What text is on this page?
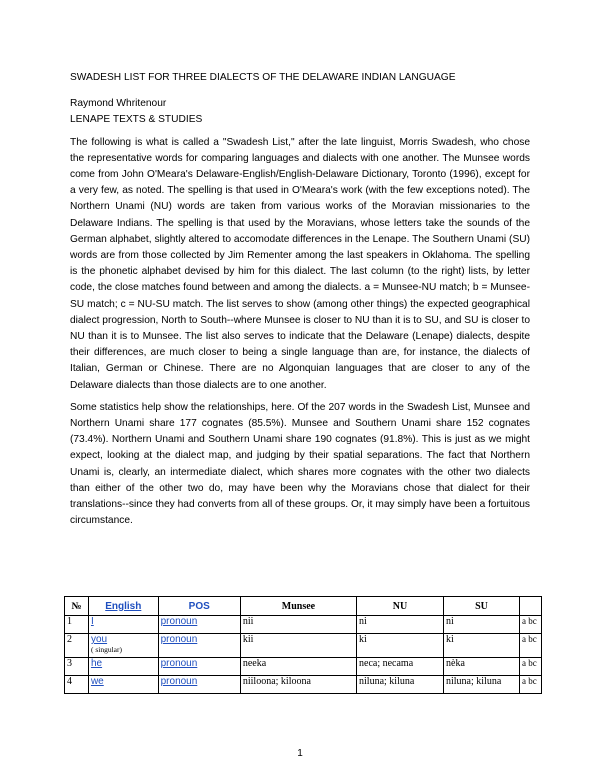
SWADESH LIST FOR THREE DIALECTS OF THE DELAWARE INDIAN LANGUAGE
Raymond Whritenour
LENAPE TEXTS & STUDIES

The following is what is called a "Swadesh List," after the late linguist, Morris Swadesh, who chose the representative words for comparing languages and dialects with one another. The Munsee words come from John O'Meara's Delaware-English/English-Delaware Dictionary, Toronto (1996), except for a very few, as noted. The spelling is that used in O'Meara's work (with the few exceptions noted). The Northern Unami (NU) words are taken from various works of the Moravian missionaries to the Delaware Indians. The spelling is that used by the Moravians, whose letters take the sounds of the German alphabet, slightly altered to accomodate differences in the Lenape. The Southern Unami (SU) words are from those collected by Jim Rementer among the last speakers in Oklahoma. The spelling is the phonetic alphabet devised by him for this dialect. The last column (to the right) lists, by letter code, the close matches found between and among the dialects. a = Munsee-NU match; b = Munsee-SU match; c = NU-SU match. The list serves to show (among other things) the expected geographical dialect progression, North to South--where Munsee is closer to NU than it is to SU, and SU is closer to NU than it is to Munsee. The list also serves to indicate that the Delaware (Lenape) dialects, despite their differences, are much closer to being a single language than are, for instance, the dialects of Italian, German or Chinese. There are no Algonquian languages that are closer to any of the Delaware dialects than those dialects are to one another.

Some statistics help show the relationships, here. Of the 207 words in the Swadesh List, Munsee and Northern Unami share 177 cognates (85.5%). Munsee and Southern Unami share 152 cognates (73.4%). Northern Unami and Southern Unami share 190 cognates (91.8%). This is just as we might expect, looking at the dialect map, and judging by their spatial separations. The fact that Northern Unami is, clearly, an intermediate dialect, which shares more cognates with the other two dialects than either of the other two do, may have been why the Moravians chose that dialect for their translations--since they had converts from all of these groups. Or, it may simply have been a fortuitous circumstance.

№	English	POS	Munsee	NU	SU	
1	I	pronoun	nii	ni	ni	a bc
2	you
( singular)	pronoun	kii	ki	ki	a bc
3	he	pronoun	neeka	neca; necama	nèka	a bc
4	we	pronoun	niiloona; kiloona	niluna; kiluna	niluna; kiluna	a bc
1
